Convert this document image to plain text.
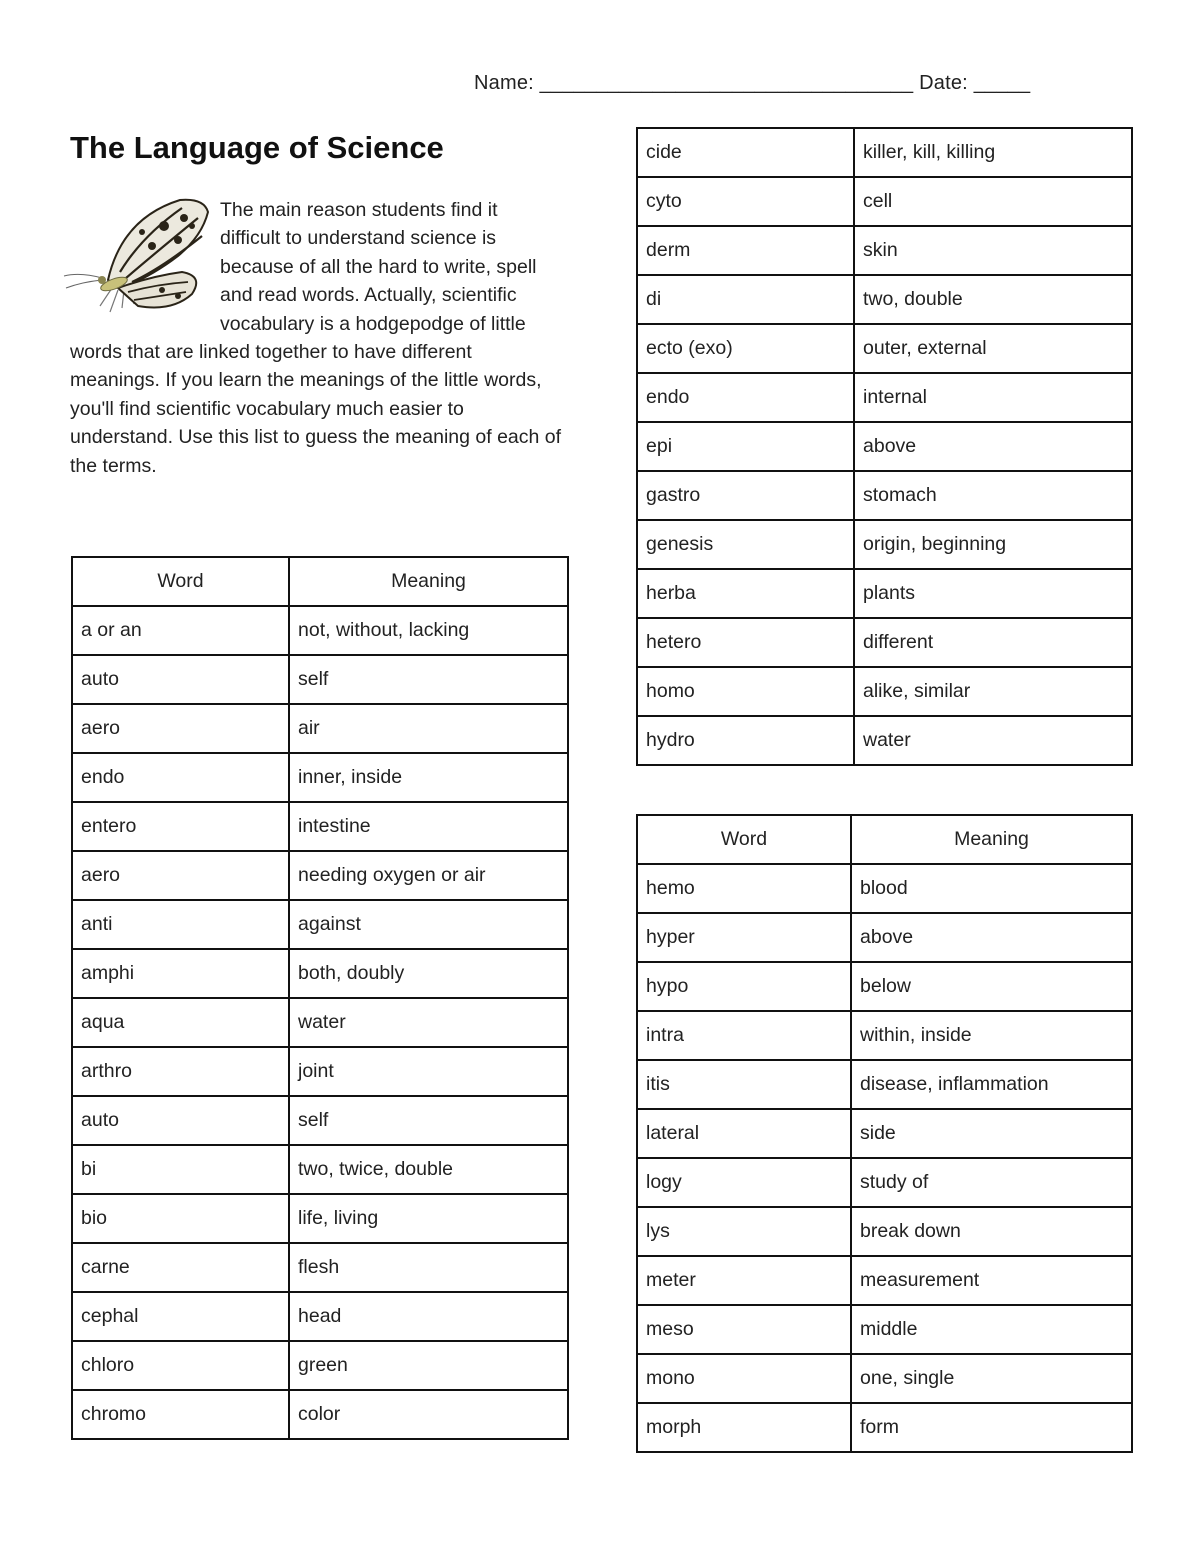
Name: _________________________________ Date: _____
The Language of Science
The main reason students find it difficult to understand science is because of all the hard to write, spell and read words. Actually, scientific vocabulary is a hodgepodge of little words that are linked together to have different meanings. If you learn the meanings of the little words, you'll find scientific vocabulary much easier to understand. Use this list to guess the meaning of each of the terms.
Word	Meaning
a or an	not, without, lacking
auto	self
aero	air
endo	inner, inside
entero	intestine
aero	needing oxygen or air
anti	against
amphi	both, doubly
aqua	water
arthro	joint
auto	self
bi	two, twice, double
bio	life, living
carne	flesh
cephal	head
chloro	green
chromo	color
cide	killer, kill, killing
cyto	cell
derm	skin
di	two, double
ecto (exo)	outer, external
endo	internal
epi	above
gastro	stomach
genesis	origin, beginning
herba	plants
hetero	different
homo	alike, similar
hydro	water
Word	Meaning
hemo	blood
hyper	above
hypo	below
intra	within, inside
itis	disease, inflammation
lateral	side
logy	study of
lys	break down
meter	measurement
meso	middle
mono	one, single
morph	form
